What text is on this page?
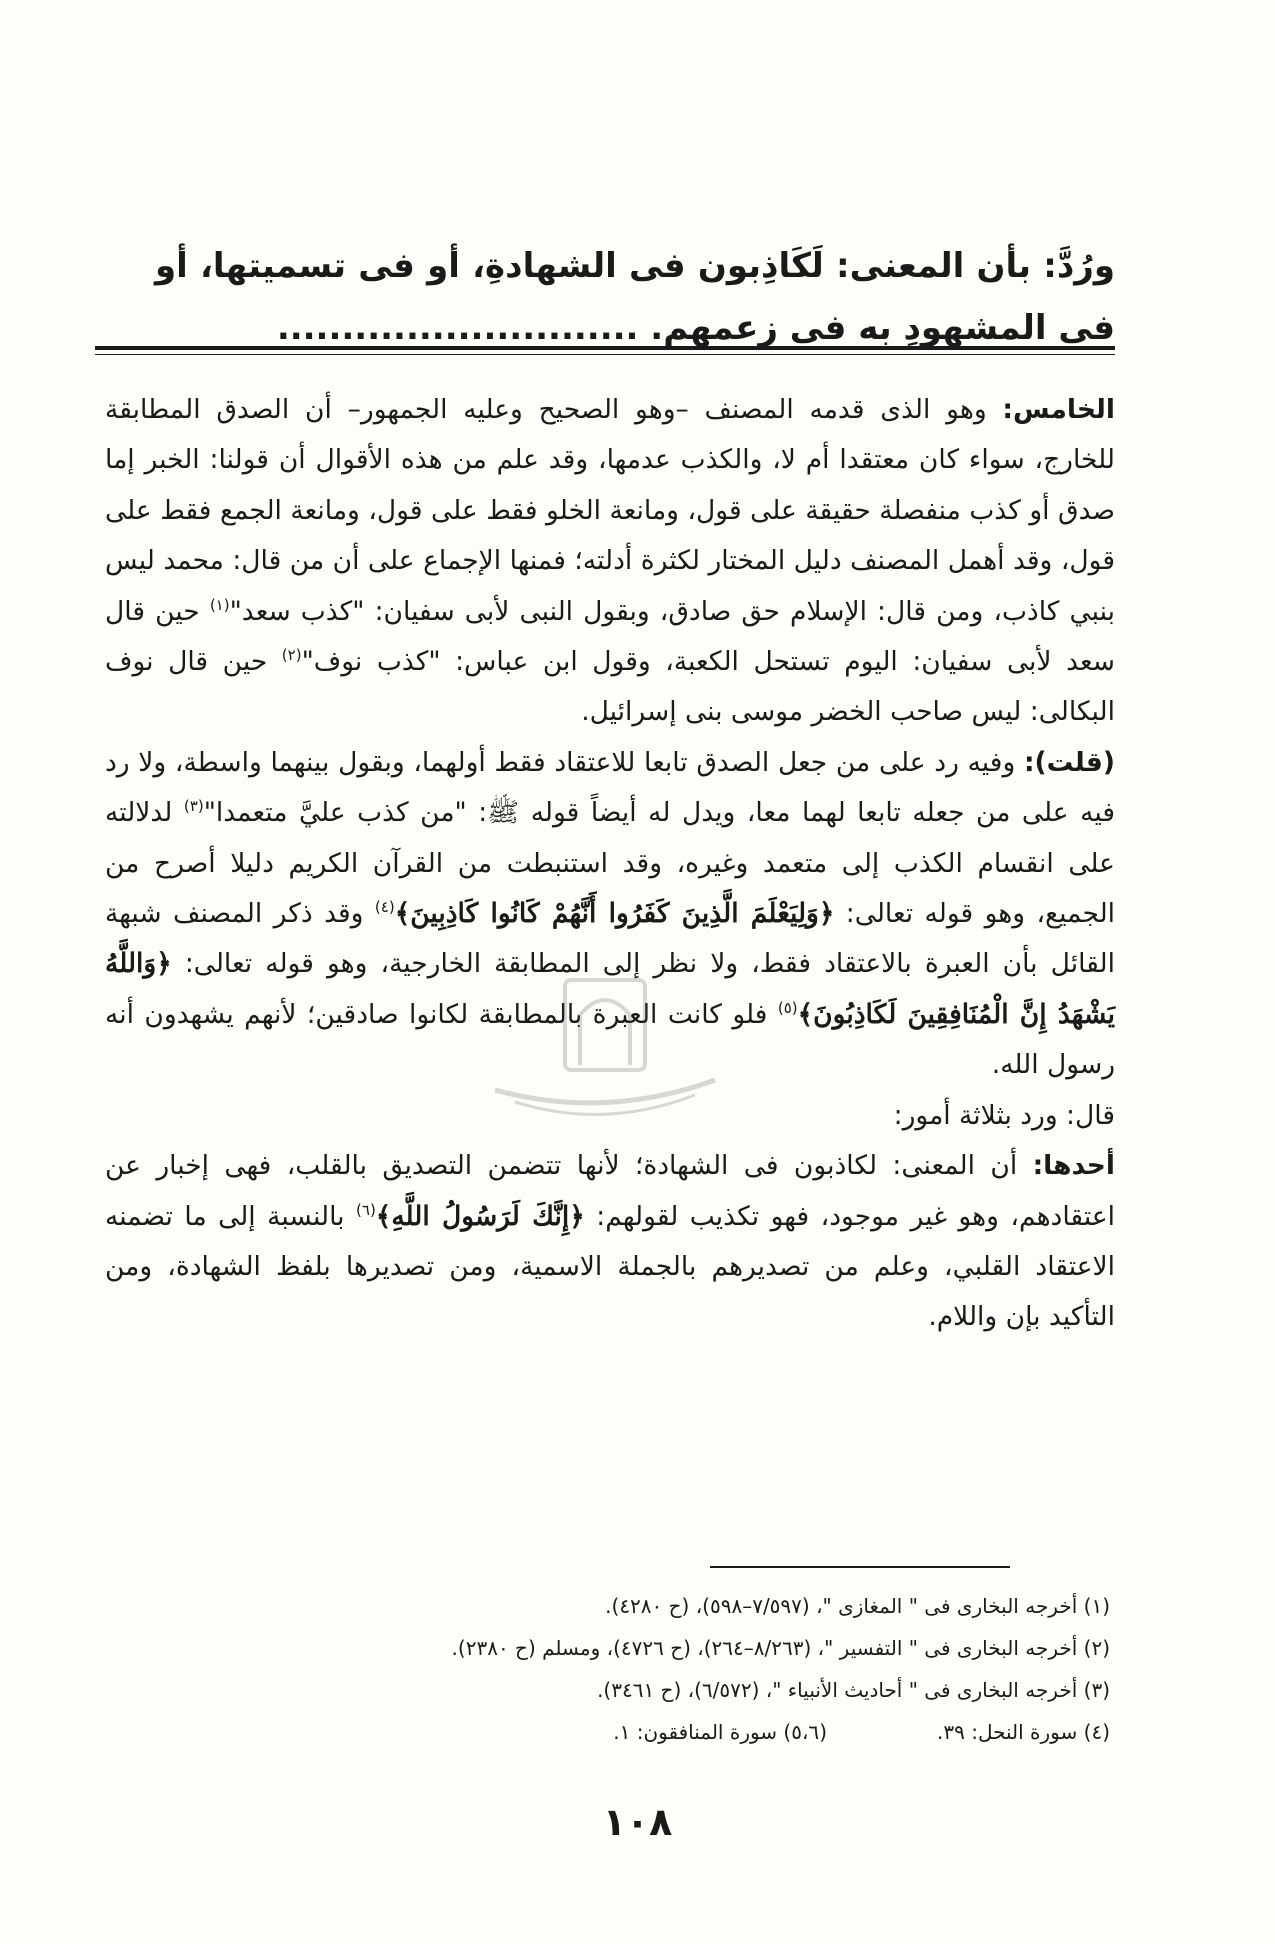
ورُدَّ: بأن المعنى: لَكَاذِبون فى الشهادةِ، أو فى تسميتها، أو فى المشهودِ به فى زعمهم. ............................

الخامس: وهو الذى قدمه المصنف –وهو الصحيح وعليه الجمهور– أن الصدق المطابقة للخارج، سواء كان معتقدا أم لا، والكذب عدمها، وقد علم من هذه الأقوال أن قولنا: الخبر إما صدق أو كذب منفصلة حقيقة على قول، ومانعة الخلو فقط على قول، ومانعة الجمع فقط على قول، وقد أهمل المصنف دليل المختار لكثرة أدلته؛ فمنها الإجماع على أن من قال: محمد ليس بنبي كاذب، ومن قال: الإسلام حق صادق، وبقول النبى لأبى سفيان: "كذب سعد"$^{(١)}$ حين قال سعد لأبى سفيان: اليوم تستحل الكعبة، وقول ابن عباس: "كذب نوف"$^{(٢)}$ حين قال نوف البكالى: ليس صاحب الخضر موسى بنى إسرائيل.

(قلت): وفيه رد على من جعل الصدق تابعا للاعتقاد فقط أولهما، وبقول بينهما واسطة، ولا رد فيه على من جعله تابعا لهما معا، ويدل له أيضاً قوله ﷺ: "من كذب عليَّ متعمدا"$^{(٣)}$ لدلالته على انقسام الكذب إلى متعمد وغيره، وقد استنبطت من القرآن الكريم دليلا أصرح من الجميع، وهو قوله تعالى: ﴿وَلِيَعْلَمَ الَّذِينَ كَفَرُوا أَنَّهُمْ كَانُوا كَاذِبِينَ﴾$^{(٤)}$ وقد ذكر المصنف شبهة القائل بأن العبرة بالاعتقاد فقط، ولا نظر إلى المطابقة الخارجية، وهو قوله تعالى: ﴿وَاللَّهُ يَشْهَدُ إِنَّ الْمُنَافِقِينَ لَكَاذِبُونَ﴾$^{(٥)}$ فلو كانت العبرة بالمطابقة لكانوا صادقين؛ لأنهم يشهدون أنه رسول الله.

قال: ورد بثلاثة أمور:

أحدها: أن المعنى: لكاذبون فى الشهادة؛ لأنها تتضمن التصديق بالقلب، فهى إخبار عن اعتقادهم، وهو غير موجود، فهو تكذيب لقولهم: ﴿إِنَّكَ لَرَسُولُ اللَّهِ﴾$^{(٦)}$ بالنسبة إلى ما تضمنه الاعتقاد القلبي، وعلم من تصديرهم بالجملة الاسمية، ومن تصديرها بلفظ الشهادة، ومن التأكيد بإن واللام.

(١) أخرجه البخارى فى " المغازى "، (٧/٥٩٧–٥٩٨)، (ح ٤٢٨٠).
(٢) أخرجه البخارى فى " التفسير "، (٨/٢٦٣–٢٦٤)، (ح ٤٧٢٦)، ومسلم (ح ٢٣٨٠).
(٣) أخرجه البخارى فى " أحاديث الأنبياء "، (٦/٥٧٢)، (ح ٣٤٦١).
(٤) سورة النحل: ٣٩.
(٥،٦) سورة المنافقون: ١.
١٠٨
